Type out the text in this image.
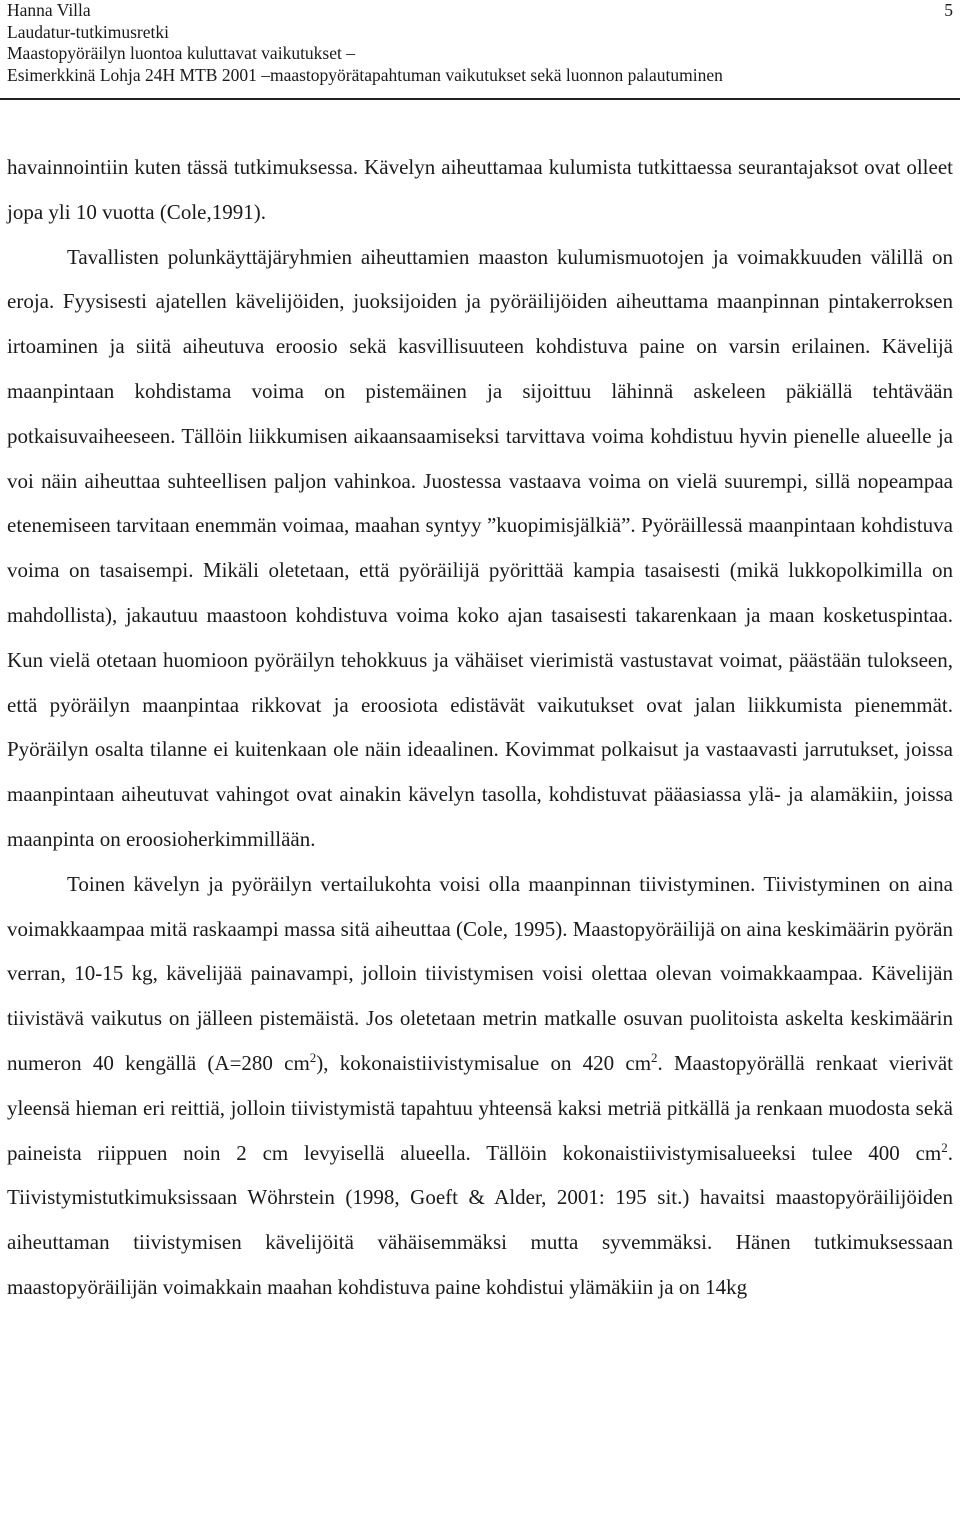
Hanna Villa
Laudatur-tutkimusretki
Maastopyöräilyn luontoa kuluttavat vaikutukset –
Esimerkkinä Lohja 24H MTB 2001 –maastopyörätapahtuman vaikutukset sekä luonnon palautuminen
5

havainnointiin kuten tässä tutkimuksessa. Kävelyn aiheuttamaa kulumista tutkittaessa seurantajaksot ovat olleet jopa yli 10 vuotta (Cole,1991).

Tavallisten polunkäyttäjäryhmien aiheuttamien maaston kulumismuotojen ja voimakkuuden välillä on eroja. Fyysisesti ajatellen kävelijöiden, juoksijoiden ja pyöräilijöiden aiheuttama maanpinnan pintakerroksen irtoaminen ja siitä aiheutuva eroosio sekä kasvillisuuteen kohdistuva paine on varsin erilainen. Kävelijä maanpintaan kohdistama voima on pistemäinen ja sijoittuu lähinnä askeleen päkiällä tehtävään potkaisuvaiheeseen. Tällöin liikkumisen aikaansaamiseksi tarvittava voima kohdistuu hyvin pienelle alueelle ja voi näin aiheuttaa suhteellisen paljon vahinkoa. Juostessa vastaava voima on vielä suurempi, sillä nopeampaa etenemiseen tarvitaan enemmän voimaa, maahan syntyy ”kuopimisjälkiä”. Pyöräillessä maanpintaan kohdistuva voima on tasaisempi. Mikäli oletetaan, että pyöräilijä pyörittää kampia tasaisesti (mikä lukkopolkimilla on mahdollista), jakautuu maastoon kohdistuva voima koko ajan tasaisesti takarenkaan ja maan kosketuspintaa. Kun vielä otetaan huomioon pyöräilyn tehokkuus ja vähäiset vierimistä vastustavat voimat, päästään tulokseen, että pyöräilyn maanpintaa rikkovat ja eroosiota edistävät vaikutukset ovat jalan liikkumista pienemmät. Pyöräilyn osalta tilanne ei kuitenkaan ole näin ideaalinen. Kovimmat polkaisut ja vastaavasti jarrutukset, joissa maanpintaan aiheutuvat vahingot ovat ainakin kävelyn tasolla, kohdistuvat pääasiassa ylä- ja alamäkiin, joissa maanpinta on eroosioherkimmillään.

Toinen kävelyn ja pyöräilyn vertailukohta voisi olla maanpinnan tiivistyminen. Tiivistyminen on aina voimakkaampaa mitä raskaampi massa sitä aiheuttaa (Cole, 1995). Maastopyöräilijä on aina keskimäärin pyörän verran, 10-15 kg, kävelijää painavampi, jolloin tiivistymisen voisi olettaa olevan voimakkaampaa. Kävelijän tiivistävä vaikutus on jälleen pistemäistä. Jos oletetaan metrin matkalle osuvan puolitoista askelta keskimäärin numeron 40 kengällä (A=280 $cm^2$), kokonaistiivistymisalue on 420 $cm^2$. Maastopyörällä renkaat vierivät yleensä hieman eri reittiä, jolloin tiivistymistä tapahtuu yhteensä kaksi metriä pitkällä ja renkaan muodosta sekä paineista riippuen noin 2 cm levyisellä alueella. Tällöin kokonaistiivistymisalueeksi tulee 400 $cm^2$. Tiivistymistutkimuksissaan Wöhrstein (1998, Goeft & Alder, 2001: 195 sit.) havaitsi maastopyöräilijöiden aiheuttaman tiivistymisen kävelijöitä vähäisemmäksi mutta syvemmäksi. Hänen tutkimuksessaan maastopyöräilijän voimakkain maahan kohdistuva paine kohdistui ylämäkiin ja on 14kg
